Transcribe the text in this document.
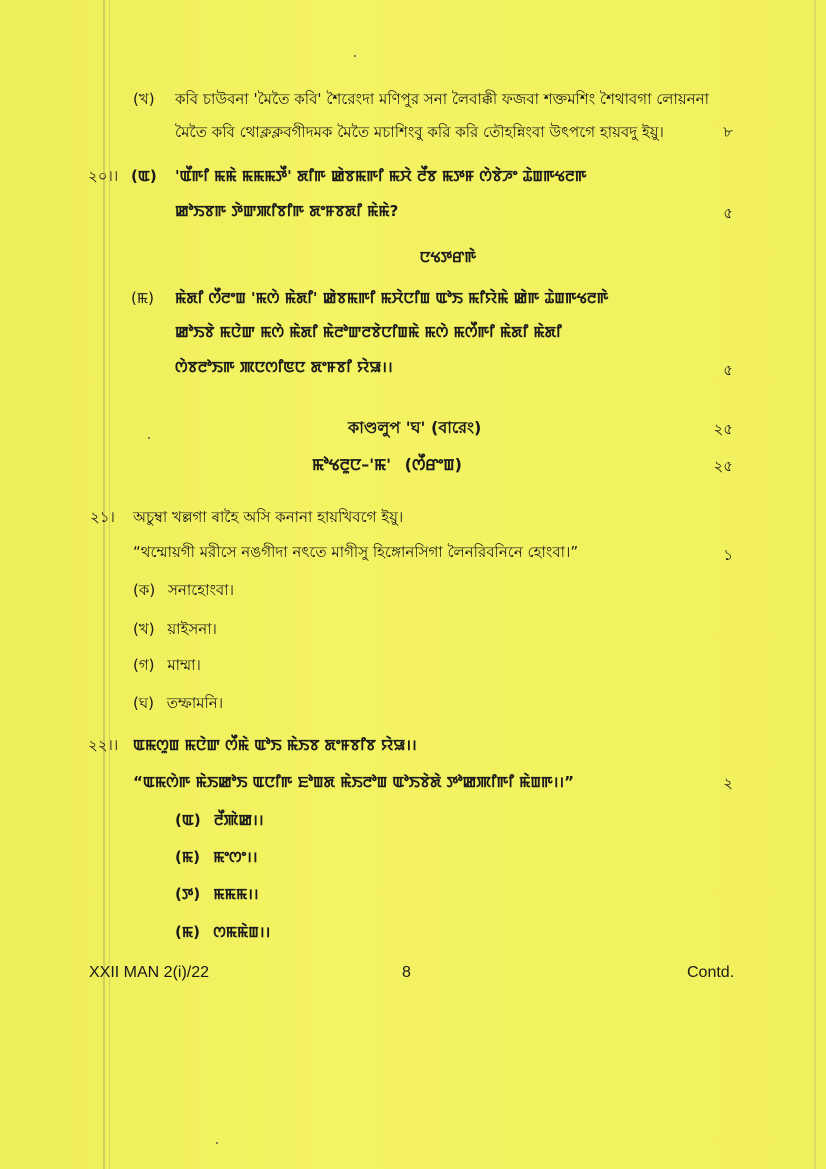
(খ) কবি চাউবনা 'মৈতৈ কবি' শৈরেংদা মণিপুর সনা লৈবাক্কী ফজবা শক্তমশিং শৈথাবগা লোয়ননা
মৈতৈ কবি থোক্লক্লবগীদমক মৈতৈ মচাশিংবু করি করি তৌহন্নিংবা উৎপগে হায়বদু ইয়ু।	৮
২০।। (ꯑ) 'ꯑꯩꯒꯤ ꯃꯃꯥ ꯃꯃꯃꯇꯩ' ꯗꯤꯒ ꯀꯥꯕꯃꯒꯤ ꯃꯆꯥ ꯂꯩꯕ ꯃꯇꯝ ꯁꯥꯕꯥꯍꯦ ꯊꯥꯡꯒꯠꯂꯒ
ꯀꯣꯏꯕꯒ ꯇꯥꯛꯄꯤꯕꯤꯒ ꯗꯦꯝꯕꯗꯤ ꯃꯥꯃꯥ?	৫
ꯅꯠꯇꯔꯒꯥ
(ꯃ) ꯃꯥꯗꯤ ꯁꯩꯂꯦꯡ 'ꯃꯁꯥ ꯃꯥꯗꯤ' ꯀꯥꯕꯃꯒꯤ ꯃꯆꯥꯅꯤꯡ ꯑꯣꯏ ꯃꯤꯌꯥꯃꯥ ꯀꯥꯒ ꯊꯥꯡꯒꯠꯂꯒꯥ
ꯀꯣꯏꯕꯥ ꯃꯅꯥꯛ ꯃꯁꯥ ꯃꯥꯗꯤ ꯃꯥꯂꯣꯛꯂꯕꯥꯅꯤꯡꯃꯥ ꯃꯁꯥ ꯃꯁꯩꯒꯤ ꯃꯥꯗꯤ ꯃꯥꯗꯤ
ꯁꯥꯕꯂꯣꯏꯒ ꯄꯅꯁꯤꯟꯅ ꯗꯦꯝꯕꯤ ꯌꯥꯎ।।	৫
কাণ্ডলুপ 'ঘ' (বারেং)	২৫
ꯃꯣꯠꯂꯨꯅ–'ꯃ' (ꯁꯩꯔꯦꯡ)	২৫
২১। অচুম্বা খল্লগা ৰাহৈ অসি কনানা হায়খিবগে ইয়ু।
“থম্মোয়গী মরীসে নঙগীদা নৎতে মাগীসু হিঙ্গোনসিগা লৈনরিবনিনে হোংবা।”	১
(ক) সনাহোংবা।
(খ) য়াইসনা।
(গ) মাম্মা।
(ঘ) তম্ফামনি।
২২।। ꯑꯃꯁꯨꯡ ꯃꯅꯥꯛ ꯁꯩꯃꯥ ꯑꯣꯏ ꯃꯥꯏꯕ ꯗꯦꯝꯕꯤꯕ ꯌꯥꯎ।।
“ꯑꯃꯁꯥꯒ ꯃꯥꯏꯀꯣꯏ ꯑꯅꯤꯒ ꯐꯣꯡꯗ ꯃꯥꯏꯂꯣꯡ ꯑꯣꯏꯕꯥꯗꯥ ꯇꯣꯀꯄꯤꯒꯤ ꯃꯥꯡꯒ।।”	২
(ꯑ) ꯂꯩꯄꯥꯀ।।
(ꯃ) ꯃꯦꯁꯦ।।
(ꯇ) ꯃꯃꯃ।।
(ꯃ) ꯁꯃꯃꯥꯡ।।
XXII MAN 2(i)/22	8	Contd.
